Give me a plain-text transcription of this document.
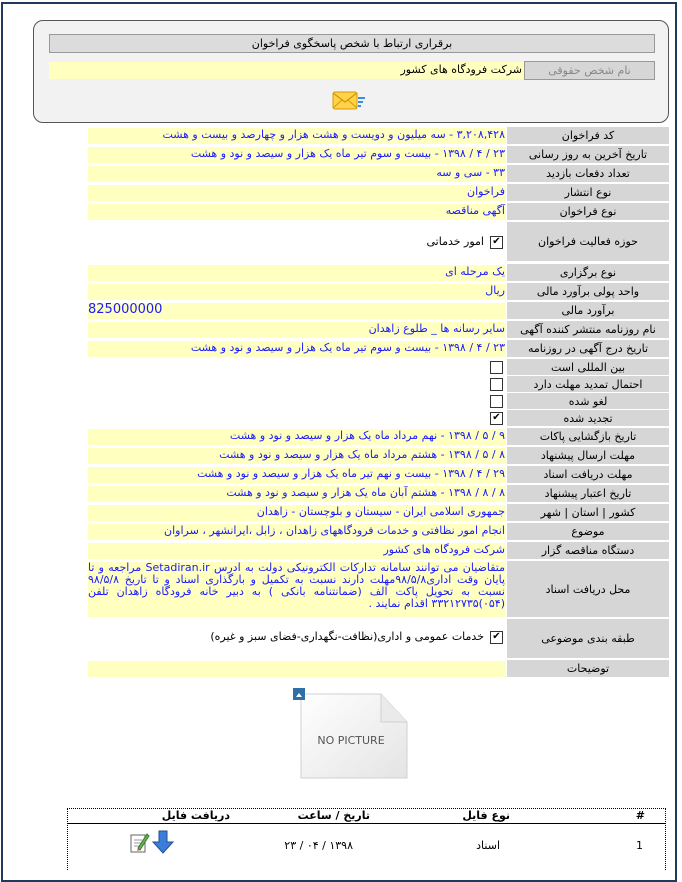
برقراری ارتباط با شخص پاسخگوی فراخوان
نام شخص حقوقی
شرکت فرودگاه های کشور
کد فراخوان
۳,۲۰۸,۴۲۸ - سه میلیون و دویست و هشت هزار و چهارصد و بیست و هشت
تاریخ آخرین به روز رسانی
۲۳ / ۴ / ۱۳۹۸ - بیست و سوم تیر ماه یک هزار و سیصد و نود و هشت
تعداد دفعات بازدید
۳۳ - سی و سه
نوع انتشار
فراخوان
نوع فراخوان
آگهی مناقصه
حوزه فعالیت فراخوان
✔امور خدماتی
نوع برگزاری
یک مرحله ای
واحد پولی برآورد مالی
ریال
برآورد مالی
825000000
نام روزنامه منتشر کننده آگهی
سایر رسانه ها _ طلوع زاهدان
تاریخ درج آگهی در روزنامه
۲۳ / ۴ / ۱۳۹۸ - بیست و سوم تیر ماه یک هزار و سیصد و نود و هشت
بین المللی است
احتمال تمدید مهلت دارد
لغو شده
تجدید شده
✔
تاریخ بازگشایی پاکات
۹ / ۵ / ۱۳۹۸ - نهم مرداد ماه یک هزار و سیصد و نود و هشت
مهلت ارسال پیشنهاد
۸ / ۵ / ۱۳۹۸ - هشتم مرداد ماه یک هزار و سیصد و نود و هشت
مهلت دریافت اسناد
۲۹ / ۴ / ۱۳۹۸ - بیست و نهم تیر ماه یک هزار و سیصد و نود و هشت
تاریخ اعتبار پیشنهاد
۸ / ۸ / ۱۳۹۸ - هشتم آبان ماه یک هزار و سیصد و نود و هشت
کشور | استان | شهر
جمهوری اسلامی ایران - سیستان و بلوچستان - زاهدان
موضوع
انجام امور نظافتی و خدمات فرودگاههای زاهدان ، زابل ،ایرانشهر ، سراوان
دستگاه مناقصه گزار
شرکت فرودگاه های کشور
محل دریافت اسناد
متقاضیان می توانند سامانه تدارکات الکترونیکی دولت به آدرس Setadiran.ir مراجعه و تا پایان وقت اداری۹۸/۵/۸مهلت دارند نسبت به تکمیل و بارگذاری اسناد و تا تاریخ ۹۸/۵/۸ نسبت به تحویل پاکت الف (ضمانتنامه بانکی ) به دبیر خانه فرودگاه زاهدان تلفن (۰۵۴)۳۳۲۱۲۷۳۵ اقدام نمایند .
طبقه بندی موضوعی
✔خدمات عمومی و اداری(نظافت-نگهداری-فضای سبز و غیره)
توضیحات
NO PICTURE
#
نوع فایل
تاریخ / ساعت
دریافت فایل
1
اسناد
۱۳۹۸ / ۰۴ / ۲۳
